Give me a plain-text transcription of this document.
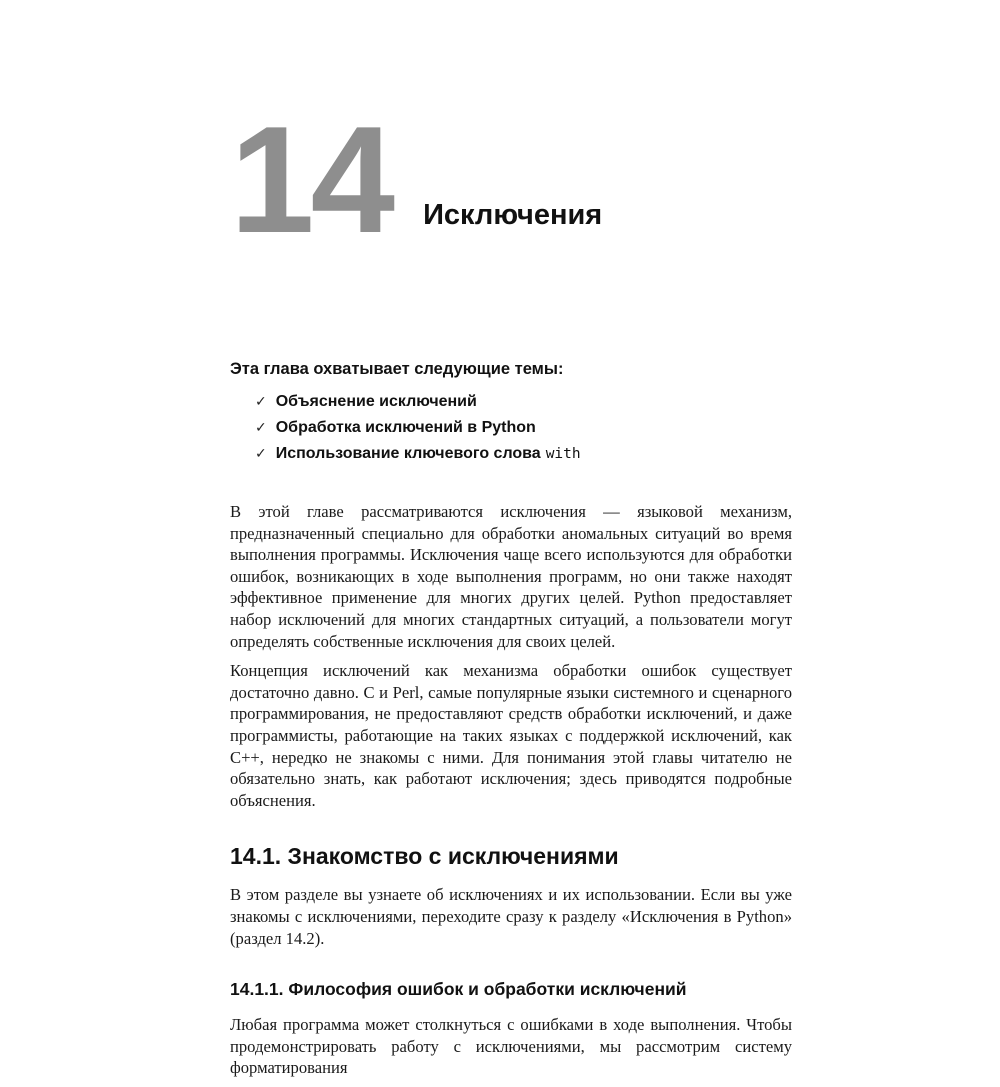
14 Исключения

Эта глава охватывает следующие темы:

✓ Объяснение исключений
✓ Обработка исключений в Python
✓ Использование ключевого слова with

В этой главе рассматриваются исключения — языковой механизм, предназначенный специально для обработки аномальных ситуаций во время выполнения программы. Исключения чаще всего используются для обработки ошибок, возникающих в ходе выполнения программ, но они также находят эффективное применение для многих других целей. Python предоставляет набор исключений для многих стандартных ситуаций, а пользователи могут определять собственные исключения для своих целей.

Концепция исключений как механизма обработки ошибок существует достаточно давно. C и Perl, самые популярные языки системного и сценарного программирования, не предоставляют средств обработки исключений, и даже программисты, работающие на таких языках с поддержкой исключений, как C++, нередко не знакомы с ними. Для понимания этой главы читателю не обязательно знать, как работают исключения; здесь приводятся подробные объяснения.

14.1. Знакомство с исключениями

В этом разделе вы узнаете об исключениях и их использовании. Если вы уже знакомы с исключениями, переходите сразу к разделу «Исключения в Python» (раздел 14.2).

14.1.1. Философия ошибок и обработки исключений

Любая программа может столкнуться с ошибками в ходе выполнения. Чтобы продемонстрировать работу с исключениями, мы рассмотрим систему форматирования
